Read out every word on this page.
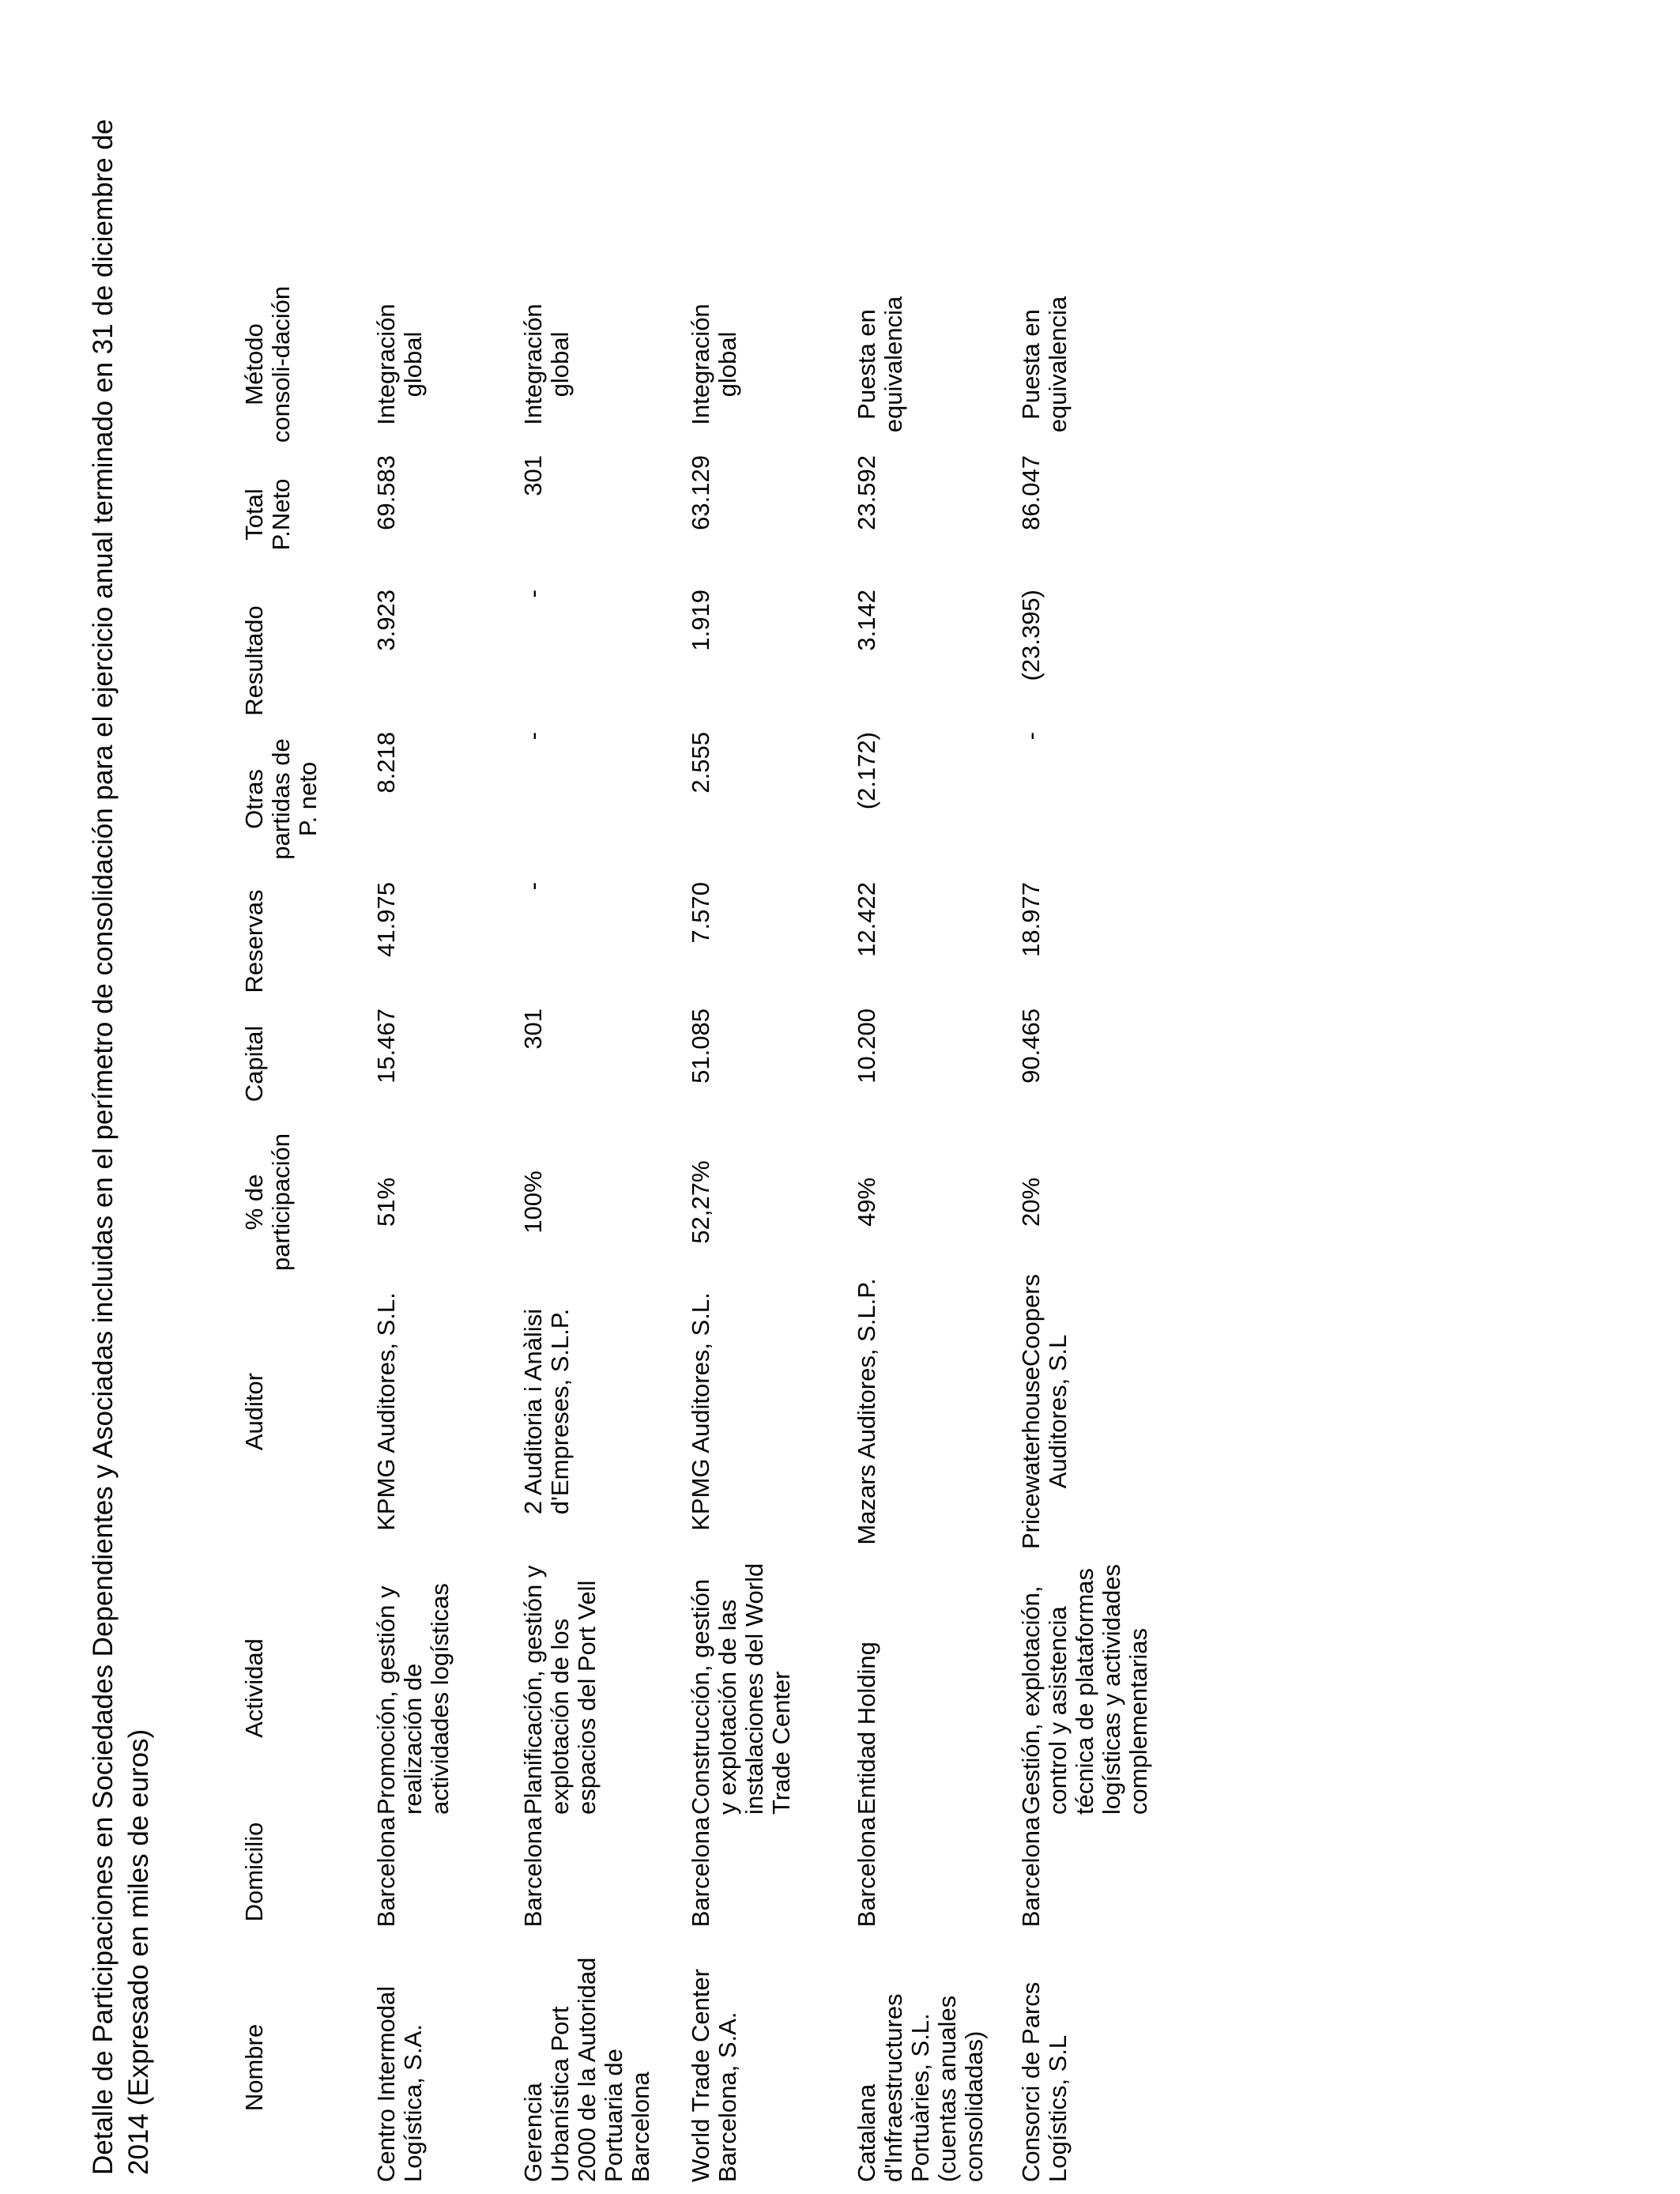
Detalle de Participaciones en Sociedades Dependientes y Asociadas incluidas en el perímetro de consolidación para el ejercicio anual terminado en 31 de diciembre de 2014 (Expresado en miles de euros)	Nombre
Domicilio
Actividad
Auditor
% de participación
Capital
Reservas
Otras partidas de P. neto
Resultado
Total P.Neto
Método consoli-dación
Centro Intermodal Logística, S.A.
Barcelona
Promoción, gestión y realización de actividades logísticas
KPMG Auditores, S.L.
51%
15.467
41.975
8.218
3.923
69.583
Integración global
Gerencia Urbanística Port 2000 de la Autoridad Portuaria de Barcelona
Barcelona
Planificación, gestión y explotación de los espacios del Port Vell
2 Auditoria i Anàlisi d'Empreses, S.L.P.
100%
301
-
-
-
301
Integración global
World Trade Center Barcelona, S.A.
Barcelona
Construcción, gestión y explotación de las instalaciones del World Trade Center
KPMG Auditores, S.L.
52,27%
51.085
7.570
2.555
1.919
63.129
Integración global
Catalana d'Infraestructures Portuàries, S.L. (cuentas anuales consolidadas)
Barcelona
Entidad Holding
Mazars Auditores, S.L.P.
49%
10.200
12.422
(2.172)
3.142
23.592
Puesta en equivalencia
Consorci de Parcs Logístics, S.L
Barcelona
Gestión, explotación, control y asistencia técnica de plataformas logísticas y actividades complementarias
PricewaterhouseCoopers Auditores, S.L
20%
90.465
18.977
-
(23.395)
86.047
Puesta en equivalencia
